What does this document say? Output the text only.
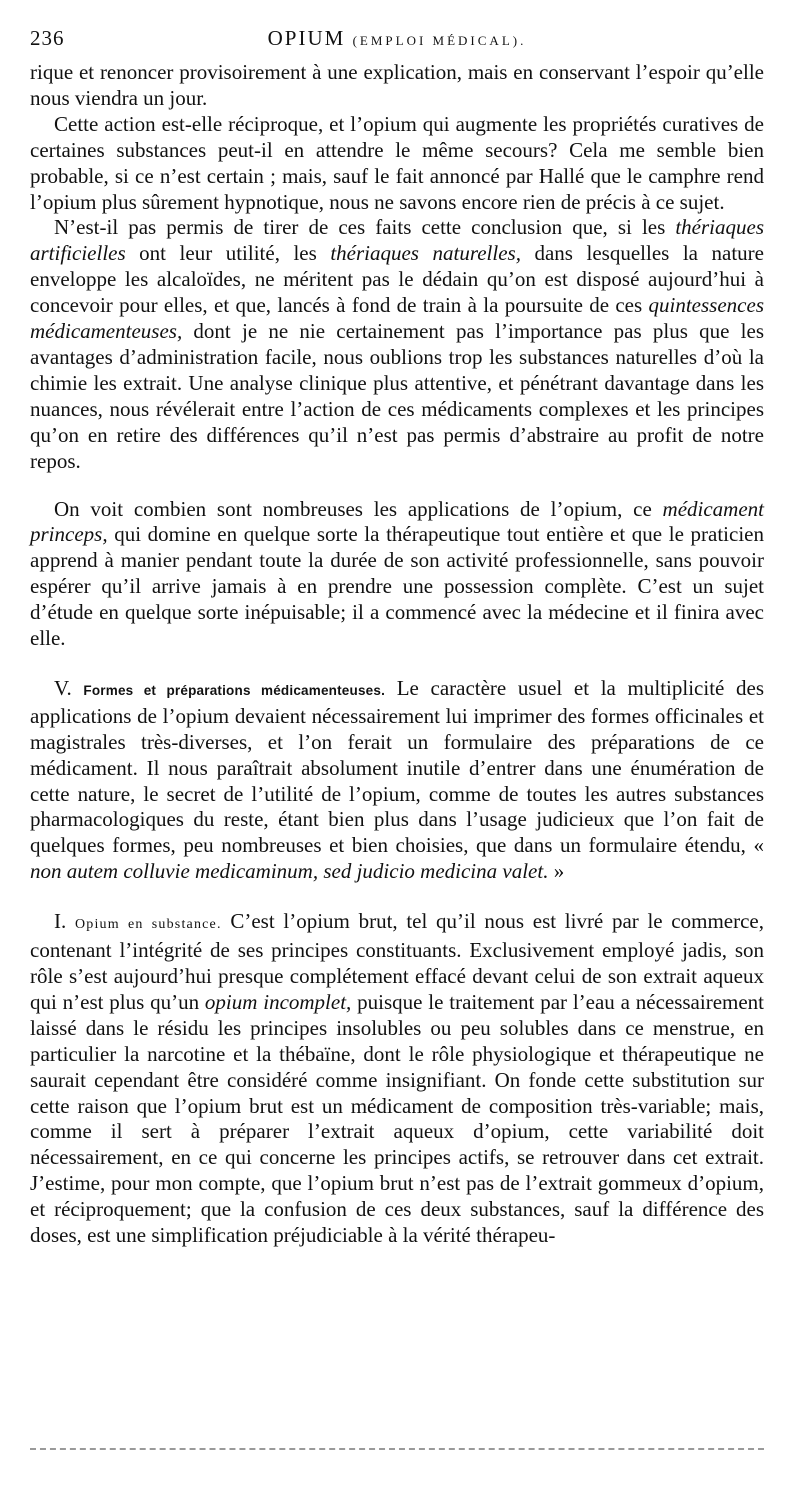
236	OPIUM (EMPLOI MÉDICAL).

rique et renoncer provisoirement à une explication, mais en conservant l’espoir qu’elle nous viendra un jour.

Cette action est-elle réciproque, et l’opium qui augmente les propriétés curatives de certaines substances peut-il en attendre le même secours? Cela me semble bien probable, si ce n’est certain ; mais, sauf le fait annoncé par Hallé que le camphre rend l’opium plus sûrement hypnotique, nous ne savons encore rien de précis à ce sujet.

N’est-il pas permis de tirer de ces faits cette conclusion que, si les thériaques artificielles ont leur utilité, les thériaques naturelles, dans lesquelles la nature enveloppe les alcaloïdes, ne méritent pas le dédain qu’on est disposé aujourd’hui à concevoir pour elles, et que, lancés à fond de train à la poursuite de ces quintessences médicamenteuses, dont je ne nie certainement pas l’importance pas plus que les avantages d’administration facile, nous oublions trop les substances naturelles d’où la chimie les extrait. Une analyse clinique plus attentive, et pénétrant davantage dans les nuances, nous révélerait entre l’action de ces médicaments complexes et les principes qu’on en retire des différences qu’il n’est pas permis d’abstraire au profit de notre repos.

On voit combien sont nombreuses les applications de l’opium, ce médicament princeps, qui domine en quelque sorte la thérapeutique tout entière et que le praticien apprend à manier pendant toute la durée de son activité professionnelle, sans pouvoir espérer qu’il arrive jamais à en prendre une possession complète. C’est un sujet d’étude en quelque sorte inépuisable; il a commencé avec la médecine et il finira avec elle.

V. Formes et préparations médicamenteuses. Le caractère usuel et la multiplicité des applications de l’opium devaient nécessairement lui imprimer des formes officinales et magistrales très-diverses, et l’on ferait un formulaire des préparations de ce médicament. Il nous paraîtrait absolument inutile d’entrer dans une énumération de cette nature, le secret de l’utilité de l’opium, comme de toutes les autres substances pharmacologiques du reste, étant bien plus dans l’usage judicieux que l’on fait de quelques formes, peu nombreuses et bien choisies, que dans un formulaire étendu, « non autem colluvie medicaminum, sed judicio medicina valet. »

I. Opium en substance. C’est l’opium brut, tel qu’il nous est livré par le commerce, contenant l’intégrité de ses principes constituants. Exclusivement employé jadis, son rôle s’est aujourd’hui presque complétement effacé devant celui de son extrait aqueux qui n’est plus qu’un opium incomplet, puisque le traitement par l’eau a nécessairement laissé dans le résidu les principes insolubles ou peu solubles dans ce menstrue, en particulier la narcotine et la thébaïne, dont le rôle physiologique et thérapeutique ne saurait cependant être considéré comme insignifiant. On fonde cette substitution sur cette raison que l’opium brut est un médicament de composition très-variable; mais, comme il sert à préparer l’extrait aqueux d’opium, cette variabilité doit nécessairement, en ce qui concerne les principes actifs, se retrouver dans cet extrait. J’estime, pour mon compte, que l’opium brut n’est pas de l’extrait gommeux d’opium, et réciproquement; que la confusion de ces deux substances, sauf la différence des doses, est une simplification préjudiciable à la vérité thérapeu-
